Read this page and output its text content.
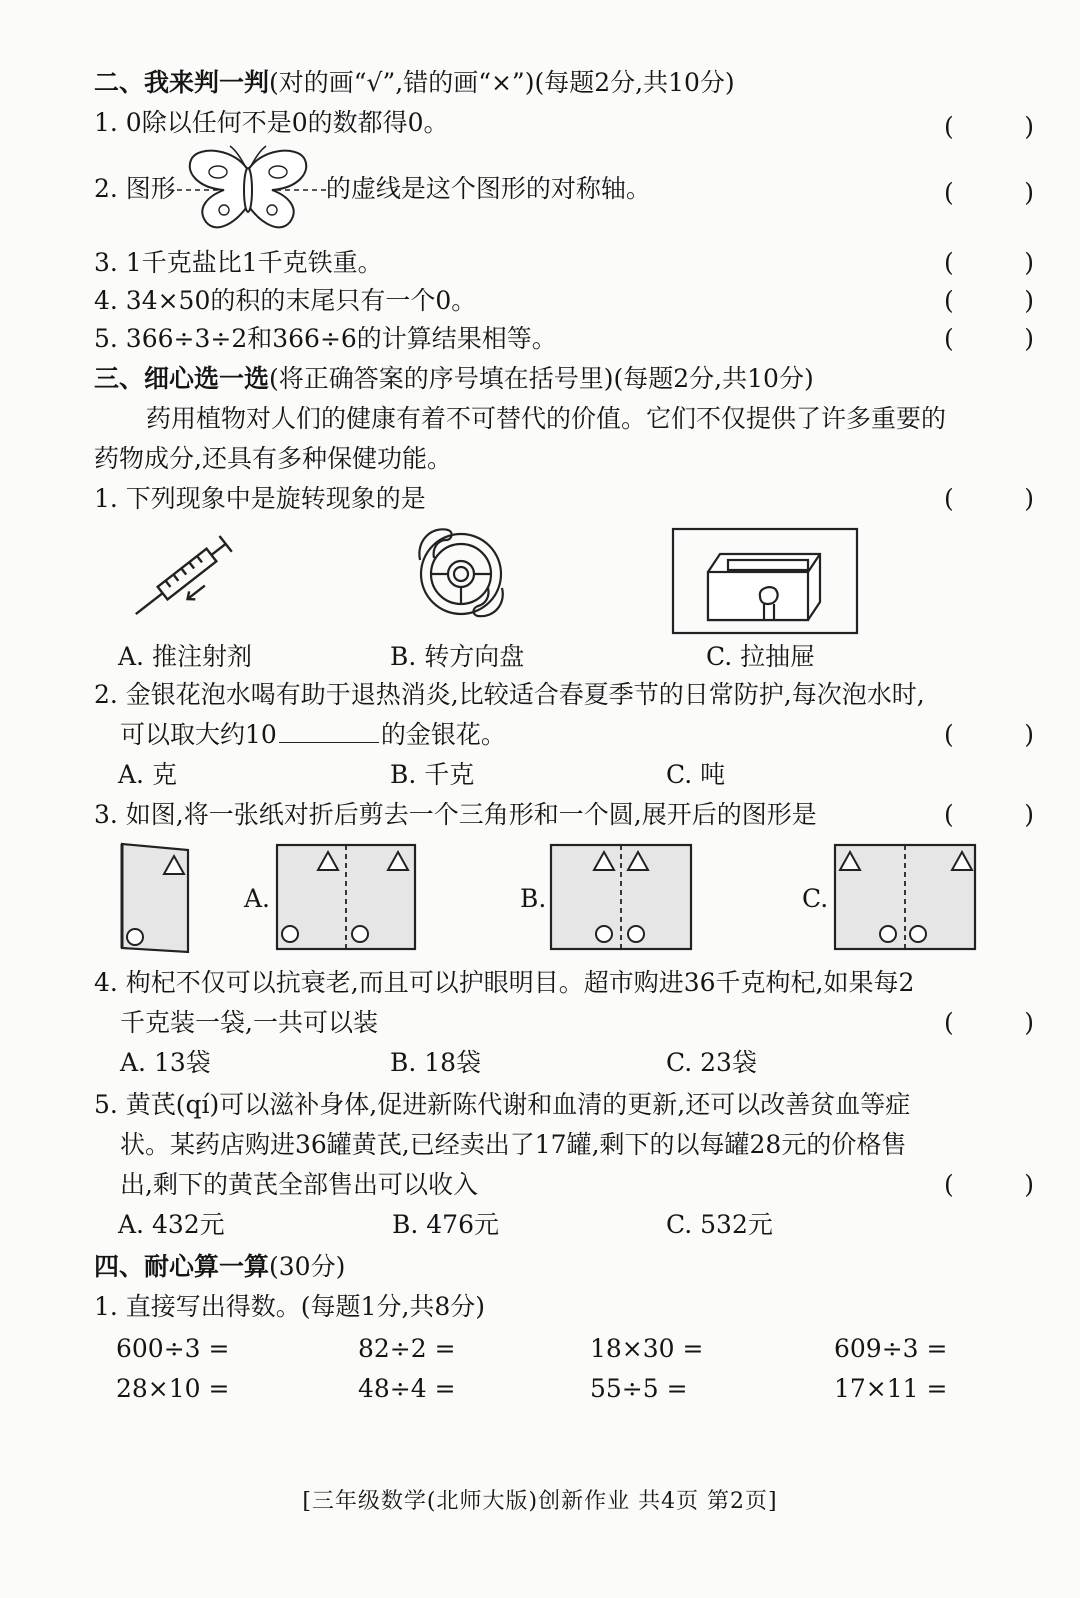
二、我来判一判(对的画“√”,错的画“×”)(每题2分,共10分)
1. 0除以任何不是0的数都得0。	(	)
2. 图形	的虚线是这个图形的对称轴。	(	)
3. 1千克盐比1千克铁重。	(	)
4. 34×50的积的末尾只有一个0。	(	)
5. 366÷3÷2和366÷6的计算结果相等。	(	)
三、细心选一选(将正确答案的序号填在括号里)(每题2分,共10分)
药用植物对人们的健康有着不可替代的价值。它们不仅提供了许多重要的
药物成分,还具有多种保健功能。
1. 下列现象中是旋转现象的是	(	)
A. 推注射剂	B. 转方向盘	C. 拉抽屉
2. 金银花泡水喝有助于退热消炎,比较适合春夏季节的日常防护,每次泡水时,
可以取大约10	的金银花。	(	)
A. 克	B. 千克	C. 吨
3. 如图,将一张纸对折后剪去一个三角形和一个圆,展开后的图形是	(	)
A.	B.	C.
4. 枸杞不仅可以抗衰老,而且可以护眼明目。超市购进36千克枸杞,如果每2
千克装一袋,一共可以装	(	)
A. 13袋	B. 18袋	C. 23袋
5. 黄芪(qí)可以滋补身体,促进新陈代谢和血清的更新,还可以改善贫血等症
状。某药店购进36罐黄芪,已经卖出了17罐,剩下的以每罐28元的价格售
出,剩下的黄芪全部售出可以收入	(	)
A. 432元	B. 476元	C. 532元
四、耐心算一算(30分)
1. 直接写出得数。(每题1分,共8分)
600÷3 =	82÷2 =	18×30 =	609÷3 =
28×10 =	48÷4 =	55÷5 =	17×11 =
[三年级数学(北师大版)创新作业 共4页 第2页]
